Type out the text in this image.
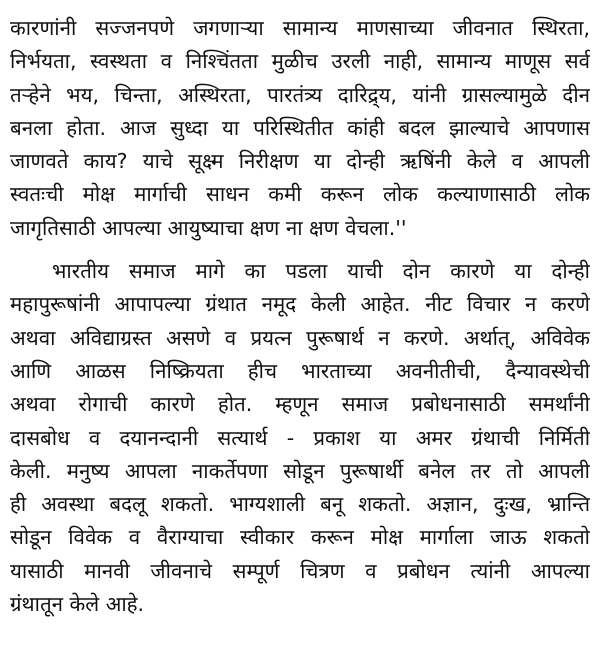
कारणांनी सज्जनपणे जगणाऱ्या सामान्य माणसाच्या जीवनात स्थिरता,
निर्भयता, स्वस्थता व निश्चिंतता मुळीच उरली नाही, सामान्य माणूस सर्व
तऱ्हेने भय, चिन्ता, अस्थिरता, पारतंत्र्य दारिद्र्य, यांनी ग्रासल्यामुळे दीन
बनला होता. आज सुध्दा या परिस्थितीत कांही बदल झाल्याचे आपणास
जाणवते काय? याचे सूक्ष्म निरीक्षण या दोन्ही ऋषिंनी केले व आपली
स्वतःची मोक्ष मार्गाची साधन कमी करून लोक कल्याणासाठी लोक
जागृतिसाठी आपल्या आयुष्याचा क्षण ना क्षण वेचला.''
भारतीय समाज मागे का पडला याची दोन कारणे या दोन्ही
महापुरूषांनी आपापल्या ग्रंथात नमूद केली आहेत. नीट विचार न करणे
अथवा अविद्याग्रस्त असणे व प्रयत्न पुरूषार्थ न करणे. अर्थात्, अविवेक
आणि आळस निष्क्रियता हीच भारताच्या अवनीतीची, दैन्यावस्थेची
अथवा रोगाची कारणे होत. म्हणून समाज प्रबोधनासाठी समर्थांनी
दासबोध व दयानन्दानी सत्यार्थ - प्रकाश या अमर ग्रंथाची निर्मिती
केली. मनुष्य आपला नाकर्तेपणा सोडून पुरूषार्थी बनेल तर तो आपली
ही अवस्था बदलू शकतो. भाग्यशाली बनू शकतो. अज्ञान, दुःख, भ्रान्ति
सोडून विवेक व वैराग्याचा स्वीकार करून मोक्ष मार्गाला जाऊ शकतो
यासाठी मानवी जीवनाचे सम्पूर्ण चित्रण व प्रबोधन त्यांनी आपल्या
ग्रंथातून केले आहे.
